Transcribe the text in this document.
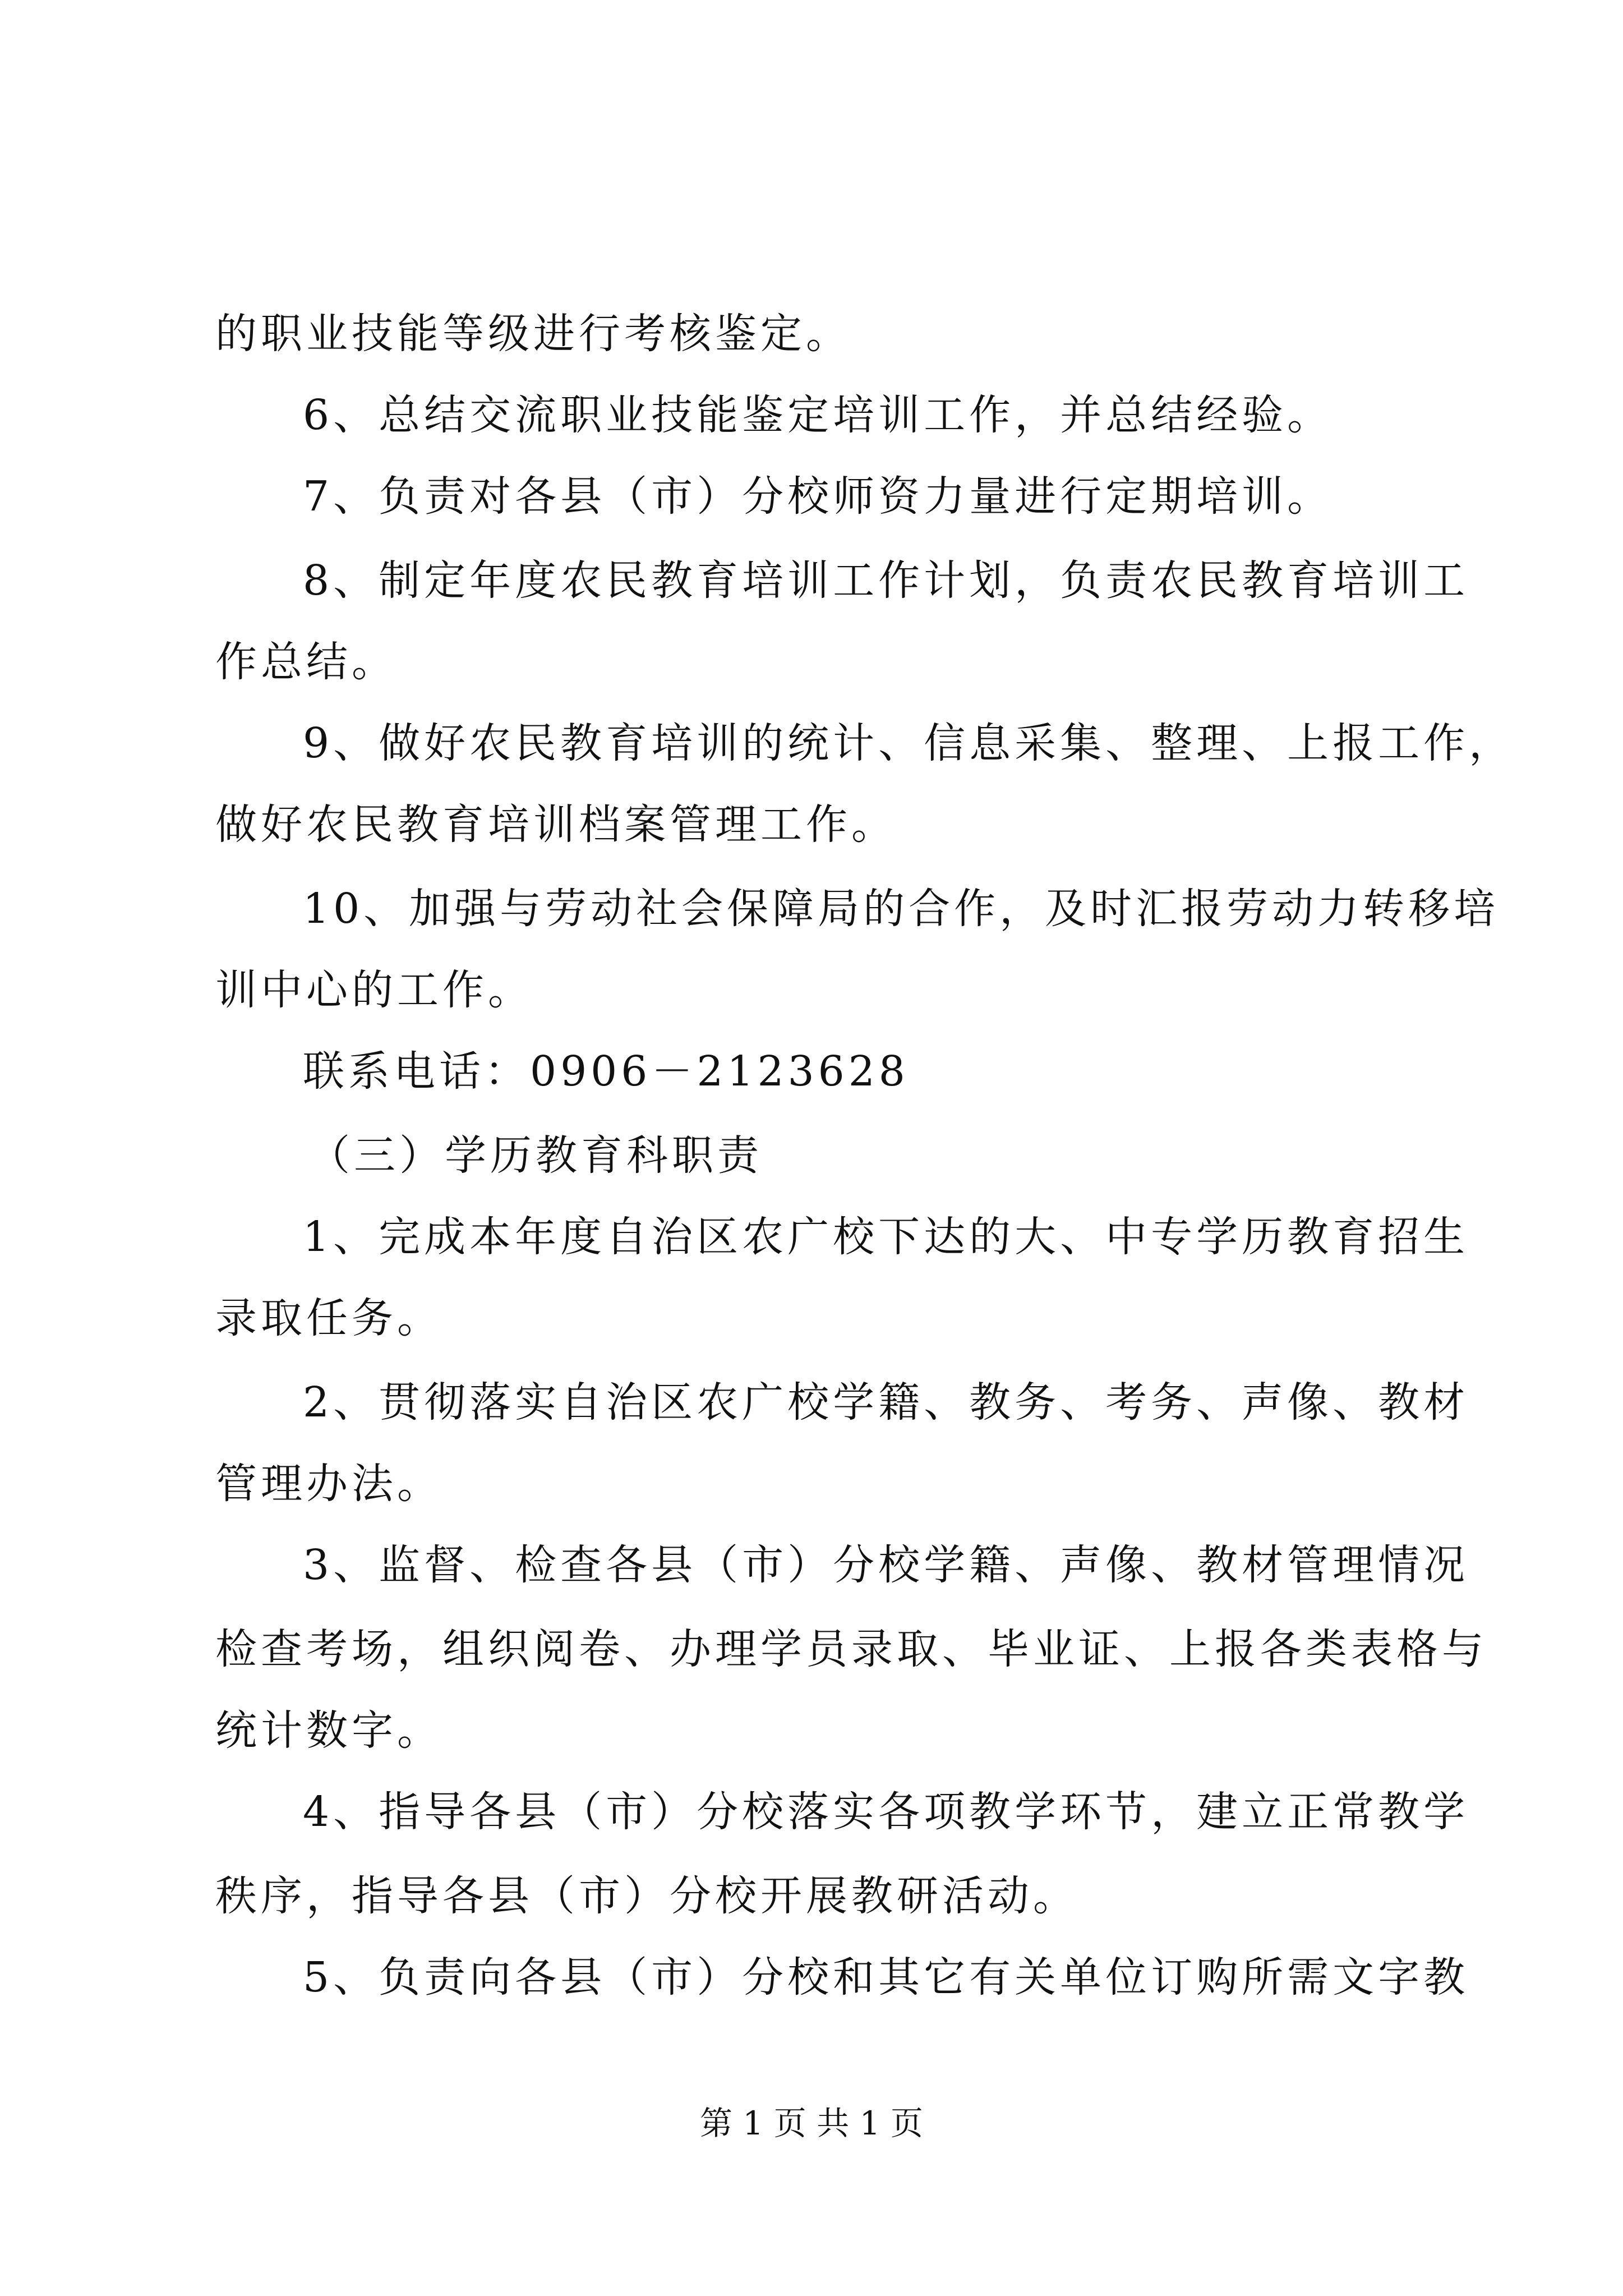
的职业技能等级进行考核鉴定。
6、总结交流职业技能鉴定培训工作，并总结经验。
7、负责对各县（市）分校师资力量进行定期培训。
8、制定年度农民教育培训工作计划，负责农民教育培训工
作总结。
9、做好农民教育培训的统计、信息采集、整理、上报工作，
做好农民教育培训档案管理工作。
10、加强与劳动社会保障局的合作，及时汇报劳动力转移培
训中心的工作。
联系电话：0906－2123628
（三）学历教育科职责
1、完成本年度自治区农广校下达的大、中专学历教育招生
录取任务。
2、贯彻落实自治区农广校学籍、教务、考务、声像、教材
管理办法。
3、监督、检查各县（市）分校学籍、声像、教材管理情况
检查考场，组织阅卷、办理学员录取、毕业证、上报各类表格与
统计数字。
4、指导各县（市）分校落实各项教学环节，建立正常教学
秩序，指导各县（市）分校开展教研活动。
5、负责向各县（市）分校和其它有关单位订购所需文字教
第 1 页 共 1 页
